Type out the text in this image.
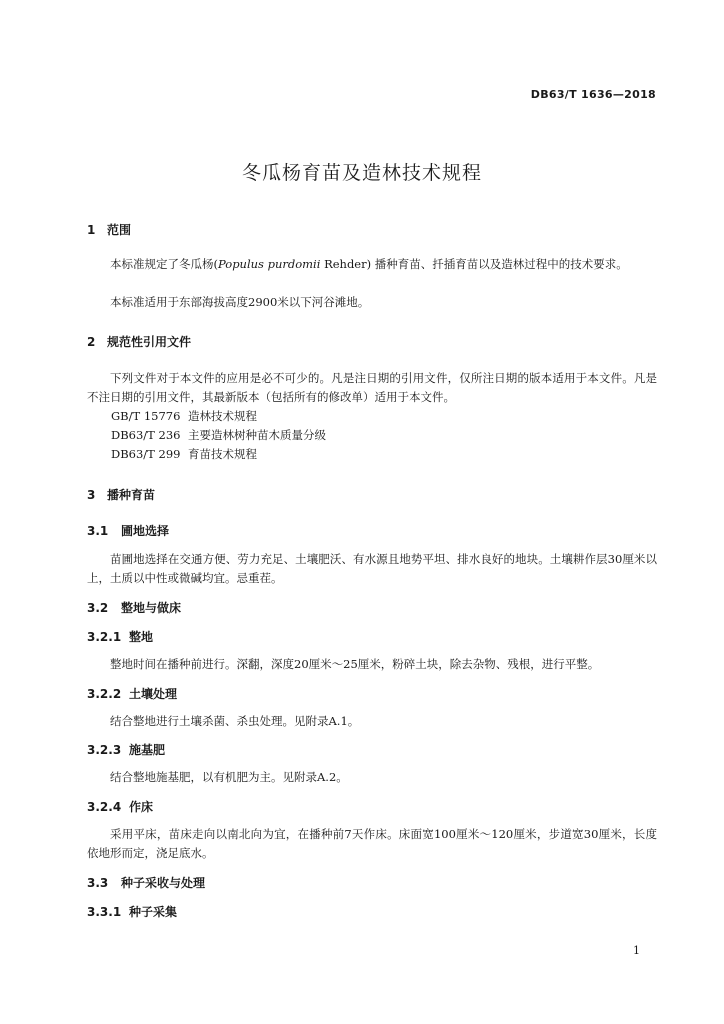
DB63/T 1636—2018
冬瓜杨育苗及造林技术规程
1 范围
本标准规定了冬瓜杨(Populus purdomii Rehder) 播种育苗、扦插育苗以及造林过程中的技术要求。
本标准适用于东部海拔高度2900米以下河谷滩地。
2 规范性引用文件
下列文件对于本文件的应用是必不可少的。凡是注日期的引用文件，仅所注日期的版本适用于本文件。凡是不注日期的引用文件，其最新版本（包括所有的修改单）适用于本文件。
GB/T 15776 造林技术规程
DB63/T 236 主要造林树种苗木质量分级
DB63/T 299 育苗技术规程
3 播种育苗
3.1 圃地选择
苗圃地选择在交通方便、劳力充足、土壤肥沃、有水源且地势平坦、排水良好的地块。土壤耕作层30厘米以上，土质以中性或微碱均宜。忌重茬。
3.2 整地与做床
3.2.1 整地
整地时间在播种前进行。深翻，深度20厘米～25厘米，粉碎土块，除去杂物、残根，进行平整。
3.2.2 土壤处理
结合整地进行土壤杀菌、杀虫处理。见附录A.1。
3.2.3 施基肥
结合整地施基肥，以有机肥为主。见附录A.2。
3.2.4 作床
采用平床，苗床走向以南北向为宜，在播种前7天作床。床面宽100厘米～120厘米，步道宽30厘米，长度依地形而定，浇足底水。
3.3 种子采收与处理
3.3.1 种子采集
1
